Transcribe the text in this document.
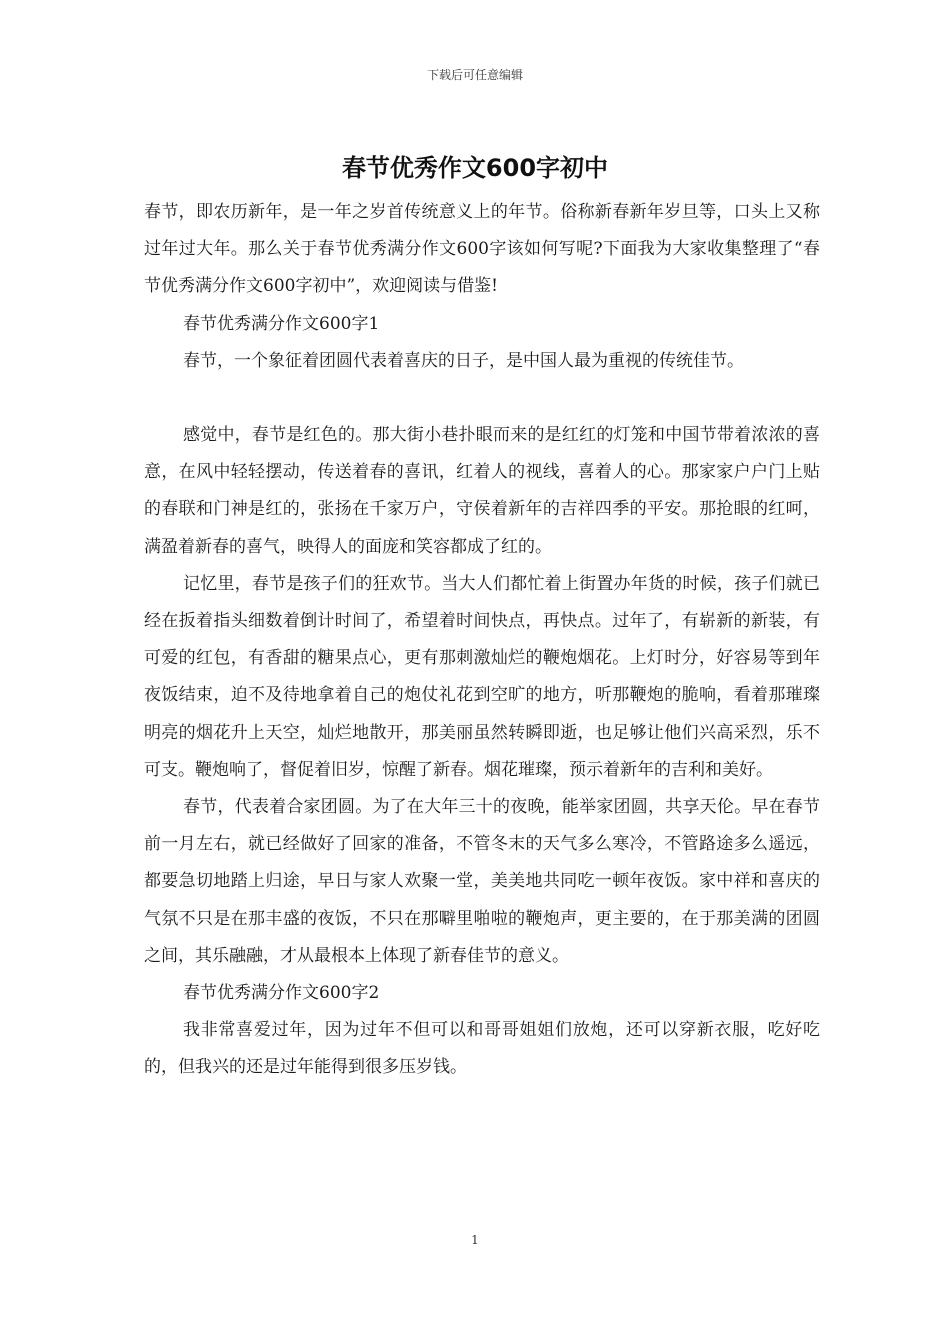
下载后可任意编辑
春节优秀作文600字初中

春节，即农历新年，是一年之岁首传统意义上的年节。俗称新春新年岁旦等，口头上又称过年过大年。那么关于春节优秀满分作文600字该如何写呢?下面我为大家收集整理了“春节优秀满分作文600字初中”，欢迎阅读与借鉴!

春节优秀满分作文600字1

春节，一个象征着团圆代表着喜庆的日子，是中国人最为重视的传统佳节。

感觉中，春节是红色的。那大街小巷扑眼而来的是红红的灯笼和中国节带着浓浓的喜意，在风中轻轻摆动，传送着春的喜讯，红着人的视线，喜着人的心。那家家户户门上贴的春联和门神是红的，张扬在千家万户，守侯着新年的吉祥四季的平安。那抢眼的红呵，满盈着新春的喜气，映得人的面庞和笑容都成了红的。

记忆里，春节是孩子们的狂欢节。当大人们都忙着上街置办年货的时候，孩子们就已经在扳着指头细数着倒计时间了，希望着时间快点，再快点。过年了，有崭新的新装，有可爱的红包，有香甜的糖果点心，更有那刺激灿烂的鞭炮烟花。上灯时分，好容易等到年夜饭结束，迫不及待地拿着自己的炮仗礼花到空旷的地方，听那鞭炮的脆响，看着那璀璨明亮的烟花升上天空，灿烂地散开，那美丽虽然转瞬即逝，也足够让他们兴高采烈，乐不可支。鞭炮响了，督促着旧岁，惊醒了新春。烟花璀璨，预示着新年的吉利和美好。

春节，代表着合家团圆。为了在大年三十的夜晚，能举家团圆，共享天伦。早在春节前一月左右，就已经做好了回家的准备，不管冬末的天气多么寒冷，不管路途多么遥远，都要急切地踏上归途，早日与家人欢聚一堂，美美地共同吃一顿年夜饭。家中祥和喜庆的气氛不只是在那丰盛的夜饭，不只在那噼里啪啦的鞭炮声，更主要的，在于那美满的团圆之间，其乐融融，才从最根本上体现了新春佳节的意义。

春节优秀满分作文600字2

我非常喜爱过年，因为过年不但可以和哥哥姐姐们放炮，还可以穿新衣服，吃好吃的，但我兴的还是过年能得到很多压岁钱。

1
